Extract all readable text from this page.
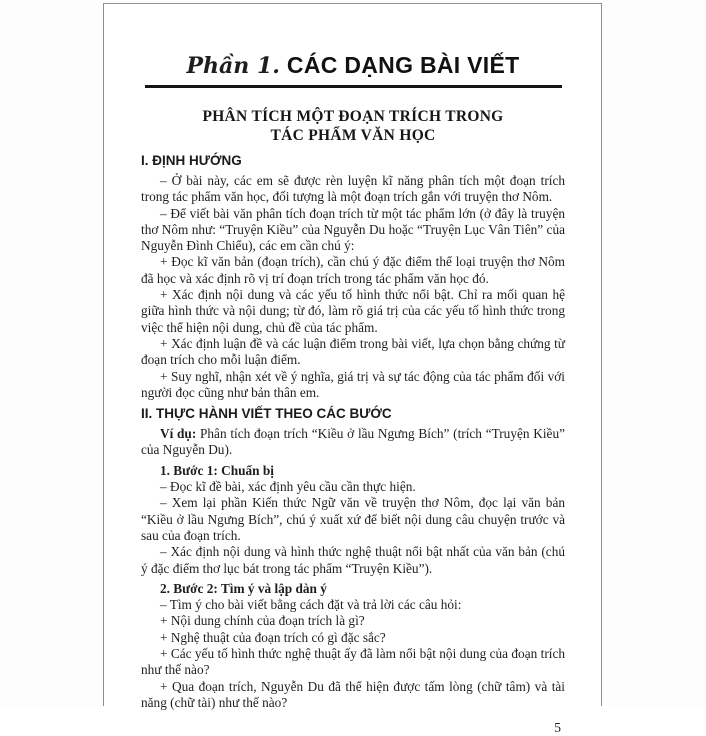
Phần 1. CÁC DẠNG BÀI VIẾT
PHÂN TÍCH MỘT ĐOẠN TRÍCH TRONG
TÁC PHẨM VĂN HỌC
I. ĐỊNH HƯỚNG

– Ở bài này, các em sẽ được rèn luyện kĩ năng phân tích một đoạn trích trong tác phẩm văn học, đối tượng là một đoạn trích gắn với truyện thơ Nôm.

– Để viết bài văn phân tích đoạn trích từ một tác phẩm lớn (ở đây là truyện thơ Nôm như: “Truyện Kiều” của Nguyễn Du hoặc “Truyện Lục Vân Tiên” của Nguyễn Đình Chiểu), các em cần chú ý:

+ Đọc kĩ văn bản (đoạn trích), cần chú ý đặc điểm thể loại truyện thơ Nôm đã học và xác định rõ vị trí đoạn trích trong tác phẩm văn học đó.

+ Xác định nội dung và các yếu tố hình thức nổi bật. Chỉ ra mối quan hệ giữa hình thức và nội dung; từ đó, làm rõ giá trị của các yếu tố hình thức trong việc thể hiện nội dung, chủ đề của tác phẩm.

+ Xác định luận đề và các luận điểm trong bài viết, lựa chọn bằng chứng từ đoạn trích cho mỗi luận điểm.

+ Suy nghĩ, nhận xét về ý nghĩa, giá trị và sự tác động của tác phẩm đối với người đọc cũng như bản thân em.

II. THỰC HÀNH VIẾT THEO CÁC BƯỚC

Ví dụ: Phân tích đoạn trích “Kiều ở lầu Ngưng Bích” (trích “Truyện Kiều” của Nguyễn Du).

1. Bước 1: Chuẩn bị

– Đọc kĩ đề bài, xác định yêu cầu cần thực hiện.

– Xem lại phần Kiến thức Ngữ văn về truyện thơ Nôm, đọc lại văn bản “Kiều ở lầu Ngưng Bích”, chú ý xuất xứ để biết nội dung câu chuyện trước và sau của đoạn trích.

– Xác định nội dung và hình thức nghệ thuật nổi bật nhất của văn bản (chú ý đặc điểm thơ lục bát trong tác phẩm “Truyện Kiều”).

2. Bước 2: Tìm ý và lập dàn ý

– Tìm ý cho bài viết bằng cách đặt và trả lời các câu hỏi:

+ Nội dung chính của đoạn trích là gì?

+ Nghệ thuật của đoạn trích có gì đặc sắc?

+ Các yếu tố hình thức nghệ thuật ấy đã làm nổi bật nội dung của đoạn trích như thế nào?

+ Qua đoạn trích, Nguyễn Du đã thể hiện được tấm lòng (chữ tâm) và tài năng (chữ tài) như thế nào?

5
